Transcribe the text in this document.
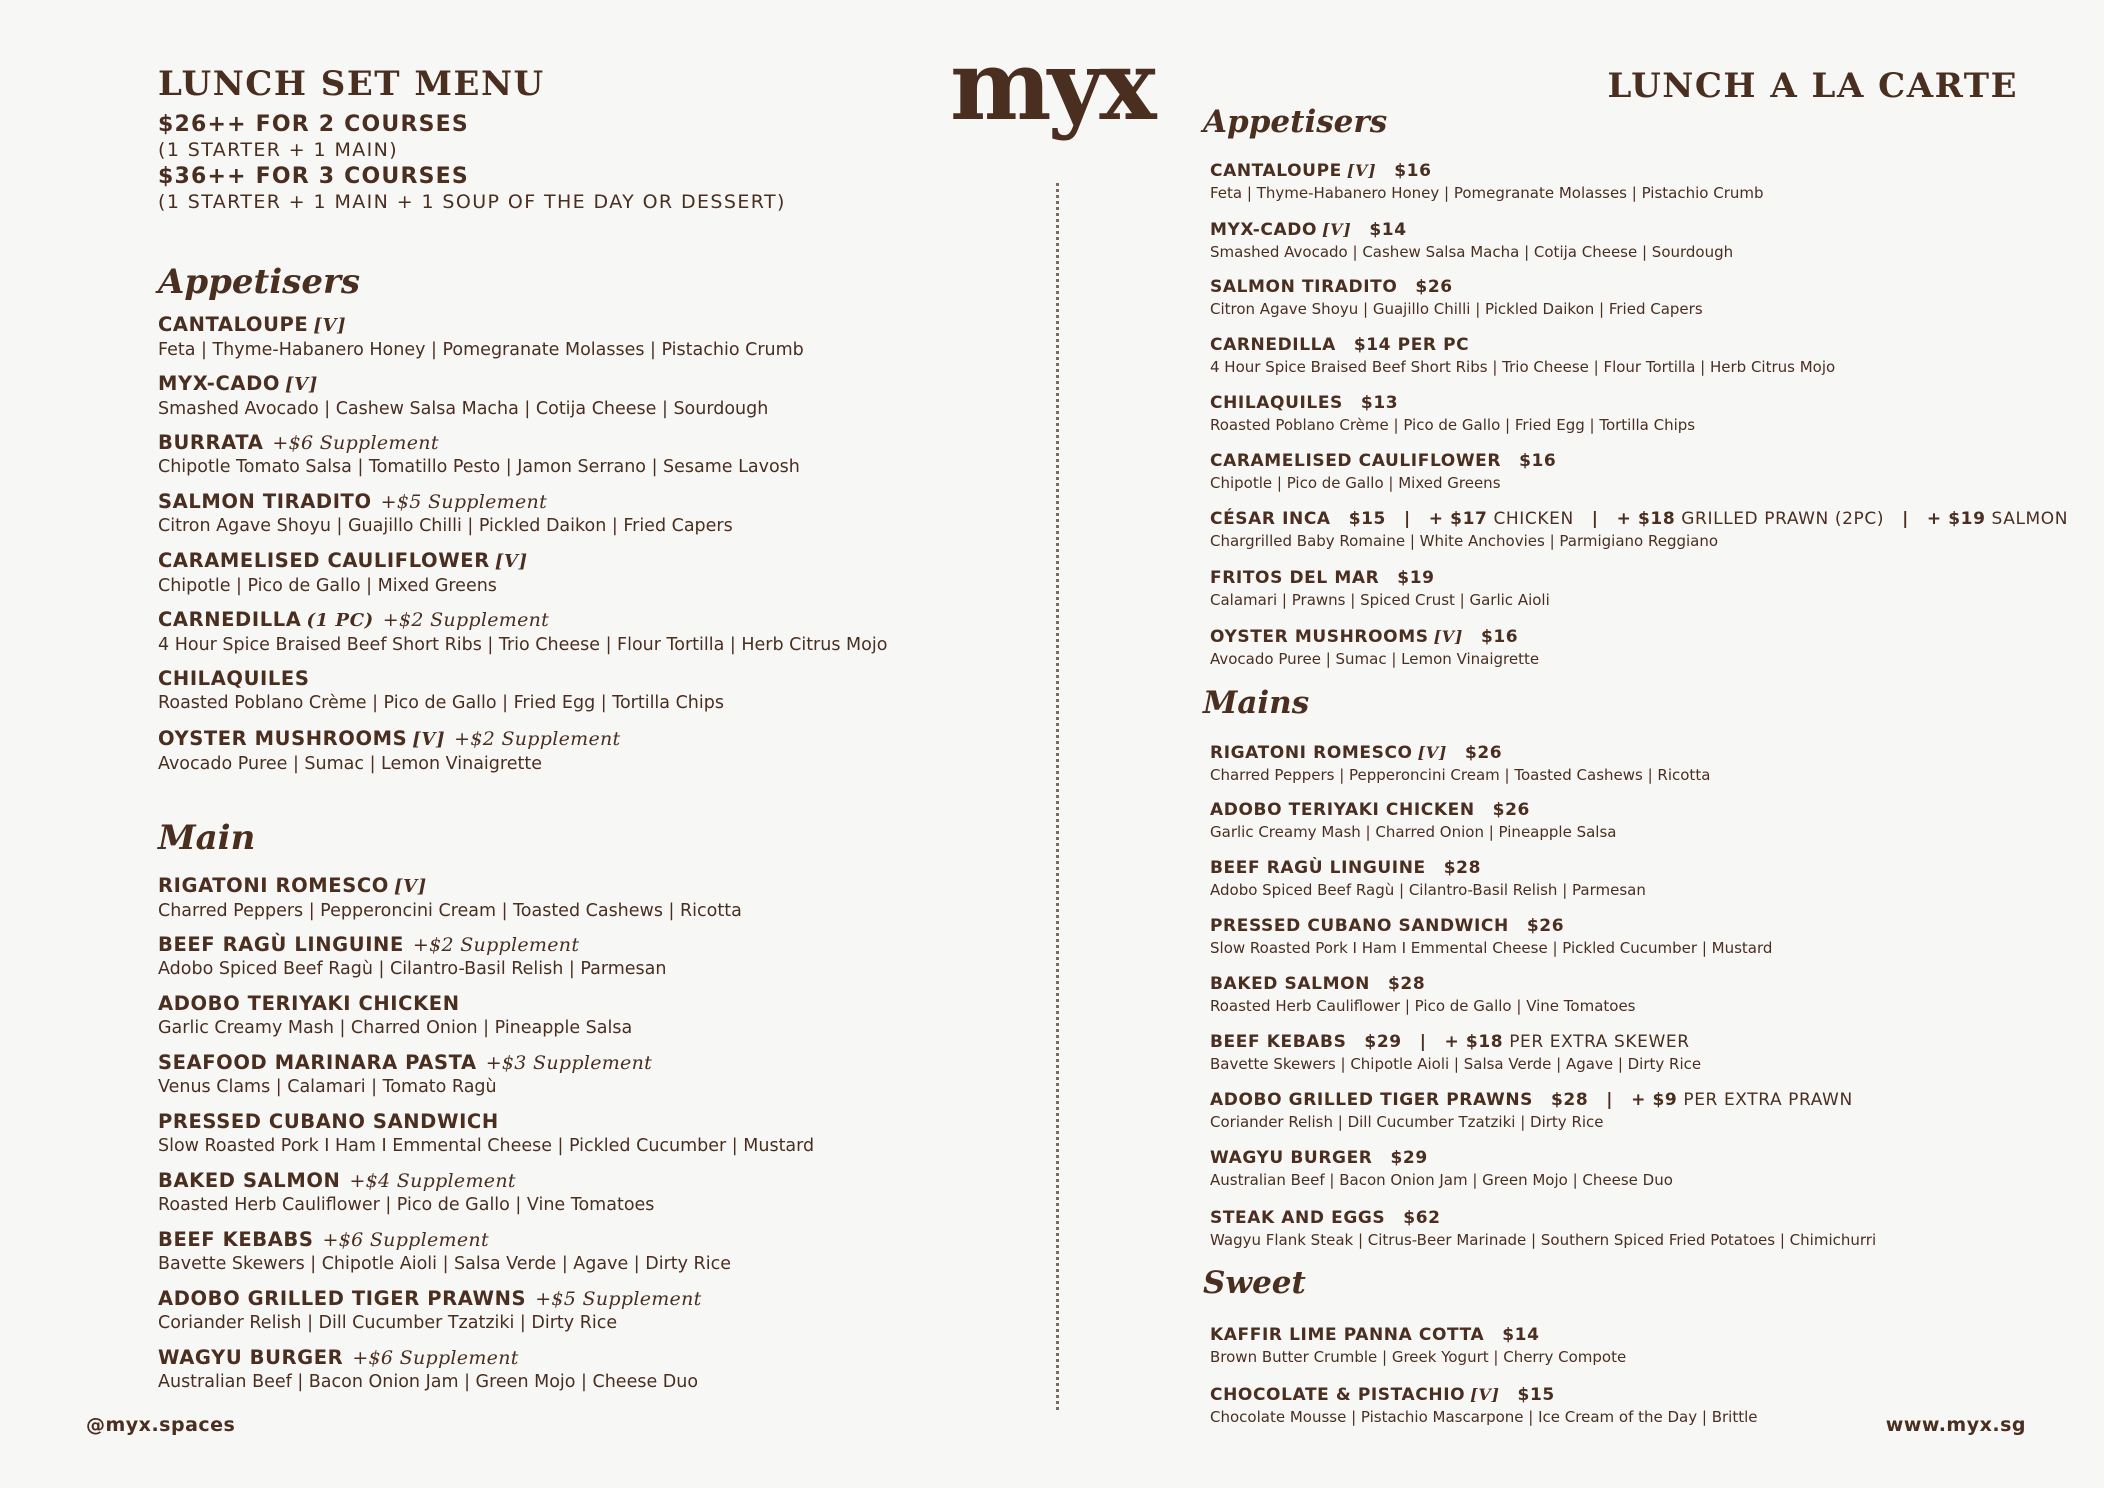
LUNCH SET MENU
$26++ FOR 2 COURSES
(1 STARTER + 1 MAIN)
$36++ FOR 3 COURSES
(1 STARTER + 1 MAIN + 1 SOUP OF THE DAY OR DESSERT)
Appetisers
CANTALOUPE [V]
Feta | Thyme-Habanero Honey | Pomegranate Molasses | Pistachio Crumb
MYX-CADO [V]
Smashed Avocado | Cashew Salsa Macha | Cotija Cheese | Sourdough
BURRATA +$6 Supplement
Chipotle Tomato Salsa | Tomatillo Pesto | Jamon Serrano | Sesame Lavosh
SALMON TIRADITO +$5 Supplement
Citron Agave Shoyu | Guajillo Chilli | Pickled Daikon | Fried Capers
CARAMELISED CAULIFLOWER [V]
Chipotle | Pico de Gallo | Mixed Greens
CARNEDILLA (1 PC) +$2 Supplement
4 Hour Spice Braised Beef Short Ribs | Trio Cheese | Flour Tortilla | Herb Citrus Mojo
CHILAQUILES
Roasted Poblano Crème | Pico de Gallo | Fried Egg | Tortilla Chips
OYSTER MUSHROOMS [V] +$2 Supplement
Avocado Puree | Sumac | Lemon Vinaigrette
Main
RIGATONI ROMESCO [V]
Charred Peppers | Pepperoncini Cream | Toasted Cashews | Ricotta
BEEF RAGÙ LINGUINE +$2 Supplement
Adobo Spiced Beef Ragù | Cilantro-Basil Relish | Parmesan
ADOBO TERIYAKI CHICKEN
Garlic Creamy Mash | Charred Onion | Pineapple Salsa
SEAFOOD MARINARA PASTA +$3 Supplement
Venus Clams | Calamari | Tomato Ragù
PRESSED CUBANO SANDWICH
Slow Roasted Pork I Ham I Emmental Cheese | Pickled Cucumber | Mustard
BAKED SALMON +$4 Supplement
Roasted Herb Cauliflower | Pico de Gallo | Vine Tomatoes
BEEF KEBABS +$6 Supplement
Bavette Skewers | Chipotle Aioli | Salsa Verde | Agave | Dirty Rice
ADOBO GRILLED TIGER PRAWNS +$5 Supplement
Coriander Relish | Dill Cucumber Tzatziki | Dirty Rice
WAGYU BURGER +$6 Supplement
Australian Beef | Bacon Onion Jam | Green Mojo | Cheese Duo
myx	LUNCH A LA CARTE
Appetisers
CANTALOUPE [V] $16
Feta | Thyme-Habanero Honey | Pomegranate Molasses | Pistachio Crumb
MYX-CADO [V] $14
Smashed Avocado | Cashew Salsa Macha | Cotija Cheese | Sourdough
SALMON TIRADITO $26
Citron Agave Shoyu | Guajillo Chilli | Pickled Daikon | Fried Capers
CARNEDILLA $14 PER PC
4 Hour Spice Braised Beef Short Ribs | Trio Cheese | Flour Tortilla | Herb Citrus Mojo
CHILAQUILES $13
Roasted Poblano Crème | Pico de Gallo | Fried Egg | Tortilla Chips
CARAMELISED CAULIFLOWER $16
Chipotle | Pico de Gallo | Mixed Greens
CÉSAR INCA $15 | + $17 CHICKEN | + $18 GRILLED PRAWN (2PC) | + $19 SALMON
Chargrilled Baby Romaine | White Anchovies | Parmigiano Reggiano
FRITOS DEL MAR $19
Calamari | Prawns | Spiced Crust | Garlic Aioli
OYSTER MUSHROOMS [V] $16
Avocado Puree | Sumac | Lemon Vinaigrette
Mains
RIGATONI ROMESCO [V] $26
Charred Peppers | Pepperoncini Cream | Toasted Cashews | Ricotta
ADOBO TERIYAKI CHICKEN $26
Garlic Creamy Mash | Charred Onion | Pineapple Salsa
BEEF RAGÙ LINGUINE $28
Adobo Spiced Beef Ragù | Cilantro-Basil Relish | Parmesan
PRESSED CUBANO SANDWICH $26
Slow Roasted Pork I Ham I Emmental Cheese | Pickled Cucumber | Mustard
BAKED SALMON $28
Roasted Herb Cauliflower | Pico de Gallo | Vine Tomatoes
BEEF KEBABS $29 | + $18 PER EXTRA SKEWER
Bavette Skewers | Chipotle Aioli | Salsa Verde | Agave | Dirty Rice
ADOBO GRILLED TIGER PRAWNS $28 | + $9 PER EXTRA PRAWN
Coriander Relish | Dill Cucumber Tzatziki | Dirty Rice
WAGYU BURGER $29
Australian Beef | Bacon Onion Jam | Green Mojo | Cheese Duo
STEAK AND EGGS $62
Wagyu Flank Steak | Citrus-Beer Marinade | Southern Spiced Fried Potatoes | Chimichurri
Sweet
KAFFIR LIME PANNA COTTA $14
Brown Butter Crumble | Greek Yogurt | Cherry Compote
CHOCOLATE & PISTACHIO [V] $15
Chocolate Mousse | Pistachio Mascarpone | Ice Cream of the Day | Brittle
@myx.spaces	www.myx.sg
